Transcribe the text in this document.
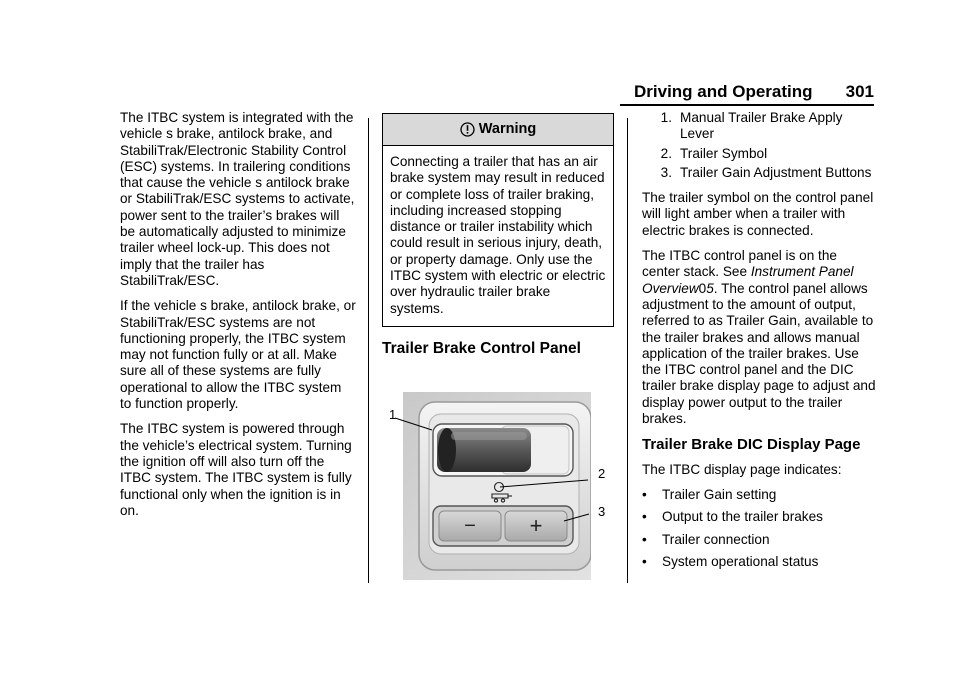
Driving and Operating 301

The ITBC system is integrated with the vehicle s brake, antilock brake, and StabiliTrak/Electronic Stability Control (ESC) systems. In trailering conditions that cause the vehicle s antilock brake or StabiliTrak/ESC systems to activate, power sent to the trailer’s brakes will be automatically adjusted to minimize trailer wheel lock-up. This does not imply that the trailer has StabiliTrak/ESC.

If the vehicle s brake, antilock brake, or StabiliTrak/ESC systems are not functioning properly, the ITBC system may not function fully or at all. Make sure all of these systems are fully operational to allow the ITBC system to function properly.

The ITBC system is powered through the vehicle’s electrical system. Turning the ignition off will also turn off the ITBC system. The ITBC system is fully functional only when the ignition is in on.

Warning
Connecting a trailer that has an air brake system may result in reduced or complete loss of trailer braking, including increased stopping distance or trailer instability which could result in serious injury, death, or property damage. Only use the ITBC system with electric or electric over hydraulic trailer brake systems.
Trailer Brake Control Panel
− +
1
2
3
1. Manual Trailer Brake Apply Lever
2. Trailer Symbol
3. Trailer Gain Adjustment Buttons

The trailer symbol on the control panel will light amber when a trailer with electric brakes is connected.

The ITBC control panel is on the center stack. See Instrument Panel Overview05. The control panel allows adjustment to the amount of output, referred to as Trailer Gain, available to the trailer brakes and allows manual application of the trailer brakes. Use the ITBC control panel and the DIC trailer brake display page to adjust and display power output to the trailer brakes.

Trailer Brake DIC Display Page

The ITBC display page indicates:

•	Trailer Gain setting
•	Output to the trailer brakes
•	Trailer connection
•	System operational status
